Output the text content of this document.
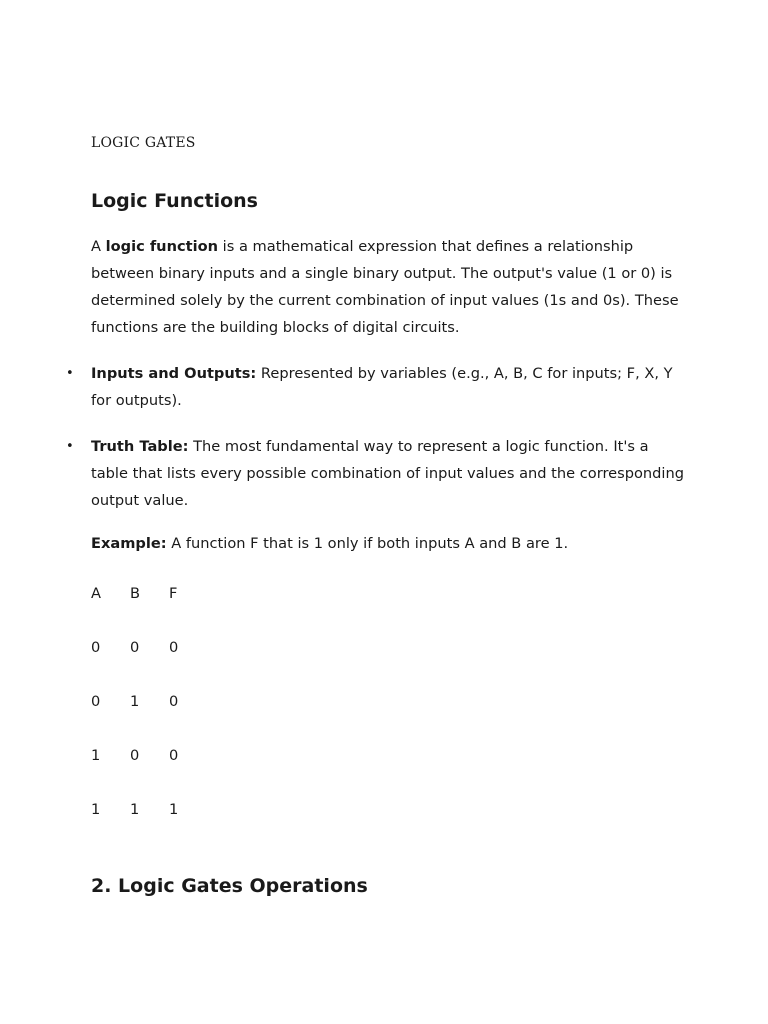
LOGIC GATES
Logic Functions

A logic function is a mathematical expression that defines a relationship between binary inputs and a single binary output. The output's value (1 or 0) is determined solely by the current combination of input values (1s and 0s). These functions are the building blocks of digital circuits.

• Inputs and Outputs: Represented by variables (e.g., A, B, C for inputs; F, X, Y for outputs).
• Truth Table: The most fundamental way to represent a logic function. It's a table that lists every possible combination of input values and the corresponding output value.

Example: A function F that is 1 only if both inputs A and B are 1.

A	B	F
0	0	0
0	1	0
1	0	0
1	1	1
2. Logic Gates Operations
